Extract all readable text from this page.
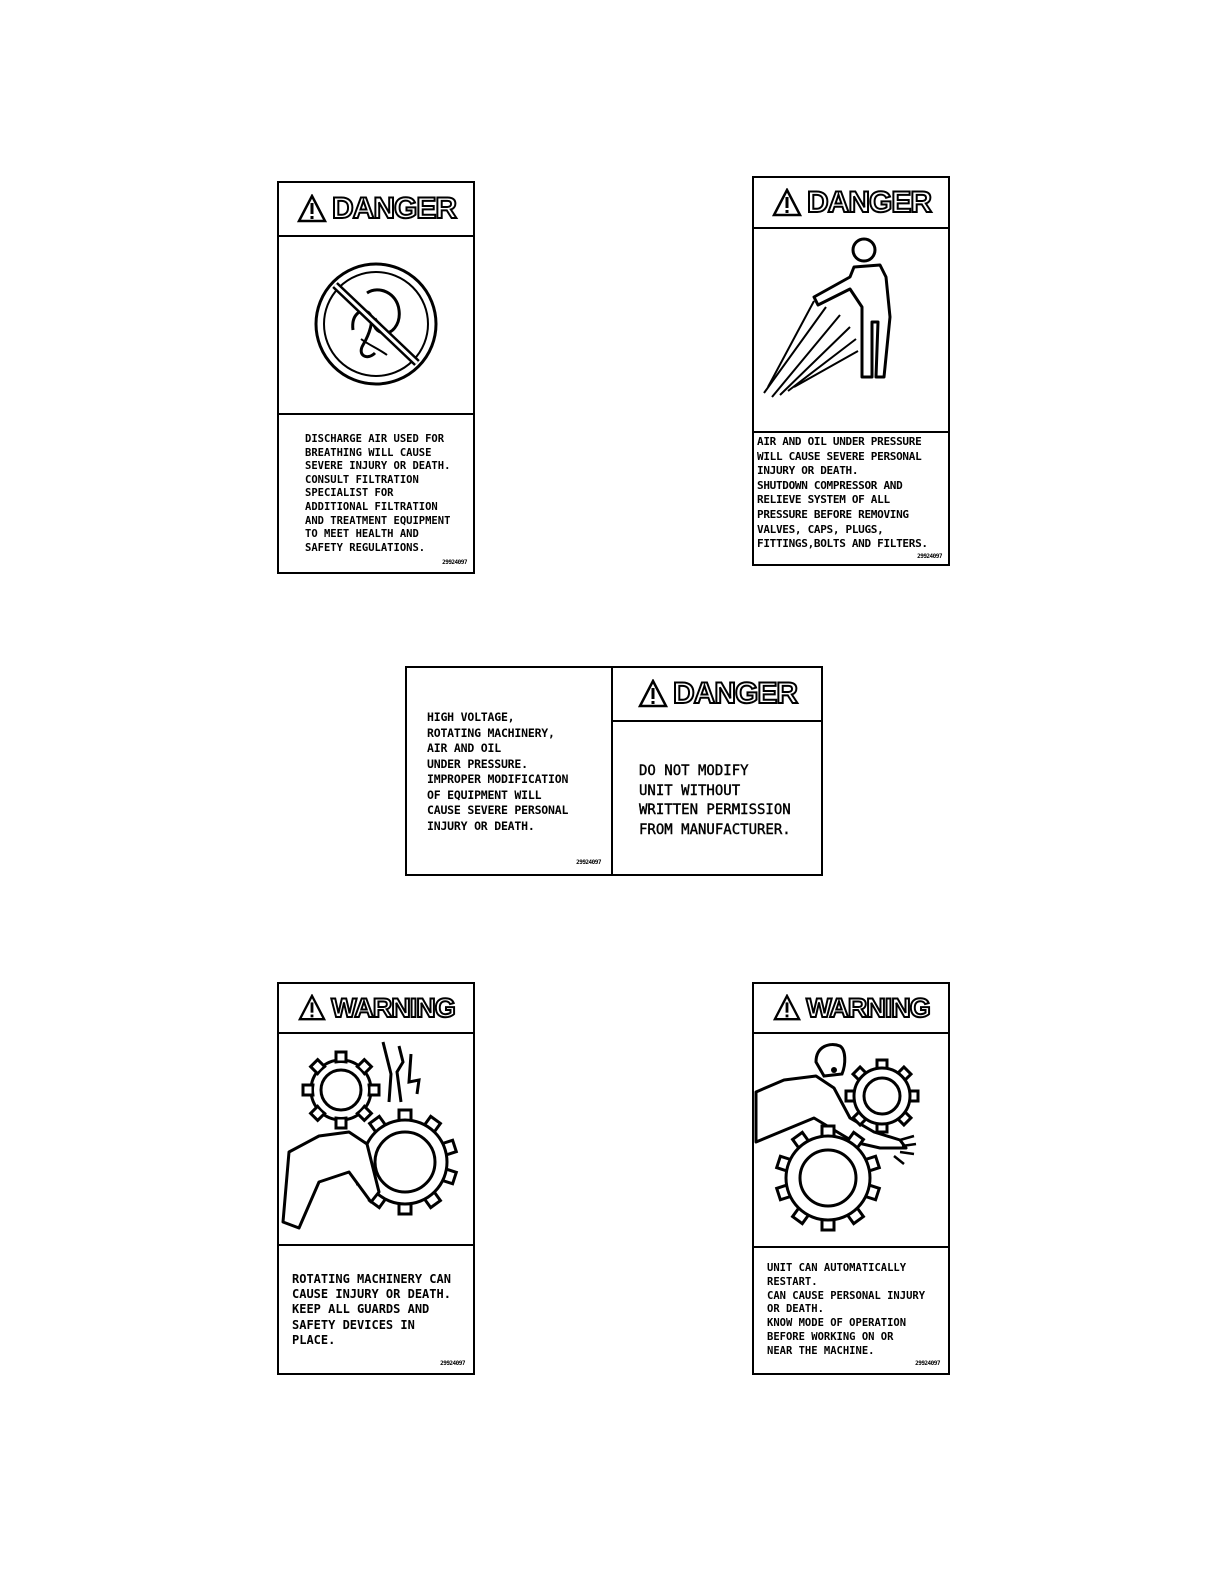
DANGER
DISCHARGE AIR USED FOR
BREATHING WILL CAUSE
SEVERE INJURY OR DEATH.
CONSULT FILTRATION
SPECIALIST FOR
ADDITIONAL FILTRATION
AND TREATMENT EQUIPMENT
TO MEET HEALTH AND
SAFETY REGULATIONS.
29924097
DANGER
AIR AND OIL UNDER PRESSURE
WILL CAUSE SEVERE PERSONAL
INJURY OR DEATH.
SHUTDOWN COMPRESSOR AND
RELIEVE SYSTEM OF ALL
PRESSURE BEFORE REMOVING
VALVES, CAPS, PLUGS,
FITTINGS,BOLTS AND FILTERS.
29924097
HIGH VOLTAGE,
ROTATING MACHINERY,
AIR AND OIL
UNDER PRESSURE.
IMPROPER MODIFICATION
OF EQUIPMENT WILL
CAUSE SEVERE PERSONAL
INJURY OR DEATH.
29924097
DANGER
DO NOT MODIFY
UNIT WITHOUT
WRITTEN PERMISSION
FROM MANUFACTURER.
WARNING
ROTATING MACHINERY CAN
CAUSE INJURY OR DEATH.
KEEP ALL GUARDS AND
SAFETY DEVICES IN
PLACE.
29924097
WARNING
UNIT CAN AUTOMATICALLY
RESTART.
CAN CAUSE PERSONAL INJURY
OR DEATH.
KNOW MODE OF OPERATION
BEFORE WORKING ON OR
NEAR THE MACHINE.
29924097
